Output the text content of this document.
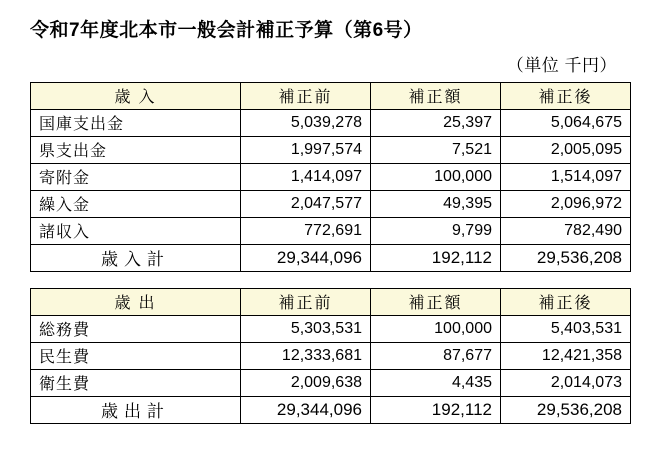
令和7年度北本市一般会計補正予算（第6号）
（単位 千円）
歳入	補正前	補正額	補正後
国庫支出金	5,039,278	25,397	5,064,675
県支出金	1,997,574	7,521	2,005,095
寄附金	1,414,097	100,000	1,514,097
繰入金	2,047,577	49,395	2,096,972
諸収入	772,691	9,799	782,490
歳入計	29,344,096	192,112	29,536,208
歳出	補正前	補正額	補正後
総務費	5,303,531	100,000	5,403,531
民生費	12,333,681	87,677	12,421,358
衛生費	2,009,638	4,435	2,014,073
歳出計	29,344,096	192,112	29,536,208
